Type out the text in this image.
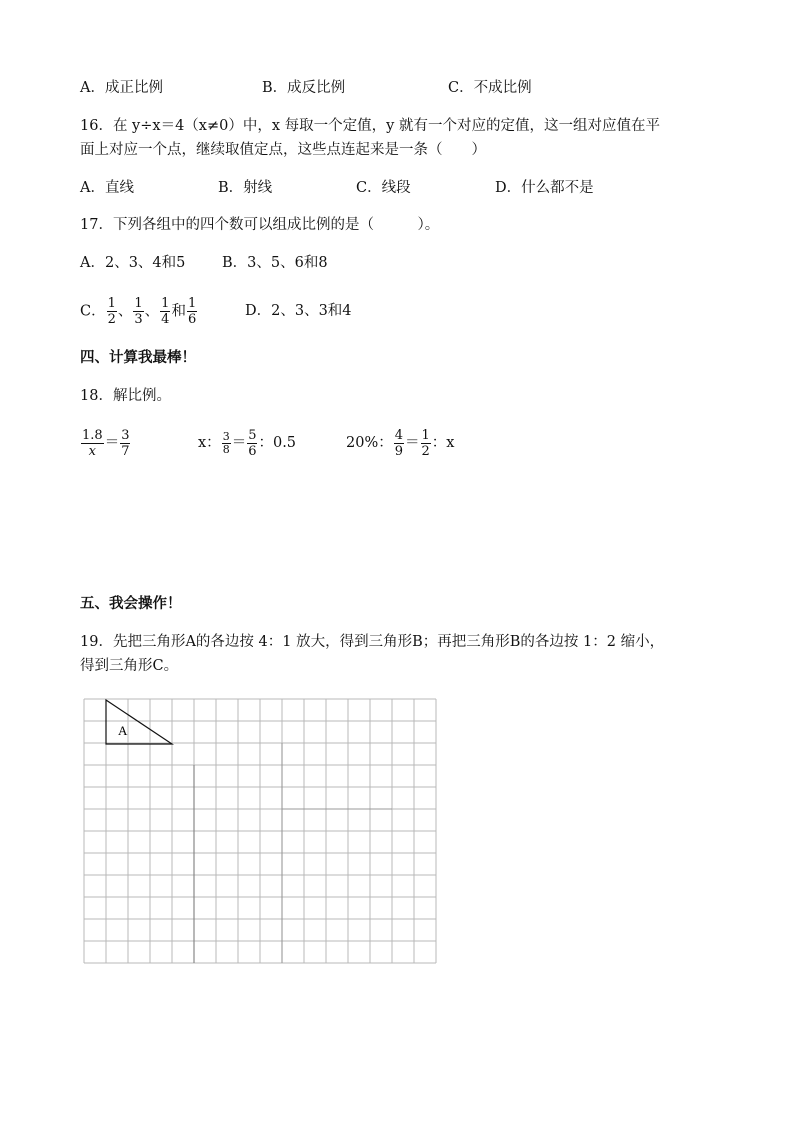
A．成正比例	B．成反比例	C．不成比例
16．在 y÷x＝4（x≠0）中，x 每取一个定值，y 就有一个对应的定值，这一组对应值在平
面上对应一个点，继续取值定点，这些点连起来是一条（　　）
A．直线	B．射线	C．线段	D．什么都不是
17．下列各组中的四个数可以组成比例的是（　　　）。
A．2、3、4和5	B．3、5、6和8
C． $\frac{1}{2}$ 、 $\frac{1}{3}$ 、 $\frac{1}{4}$ 和 $\frac{1}{6}$	D．2、3、3和4
四、计算我最棒！
18．解比例。
$\frac{1.8}{x} = \frac{3}{7}$	x： $\frac{3}{8} = \frac{5}{6}$ ：0.5	20%： $\frac{4}{9} = \frac{1}{2}$ ：x
五、我会操作！
19．先把三角形A的各边按 4：1 放大，得到三角形B；再把三角形B的各边按 1：2 缩小，
得到三角形C。
A
